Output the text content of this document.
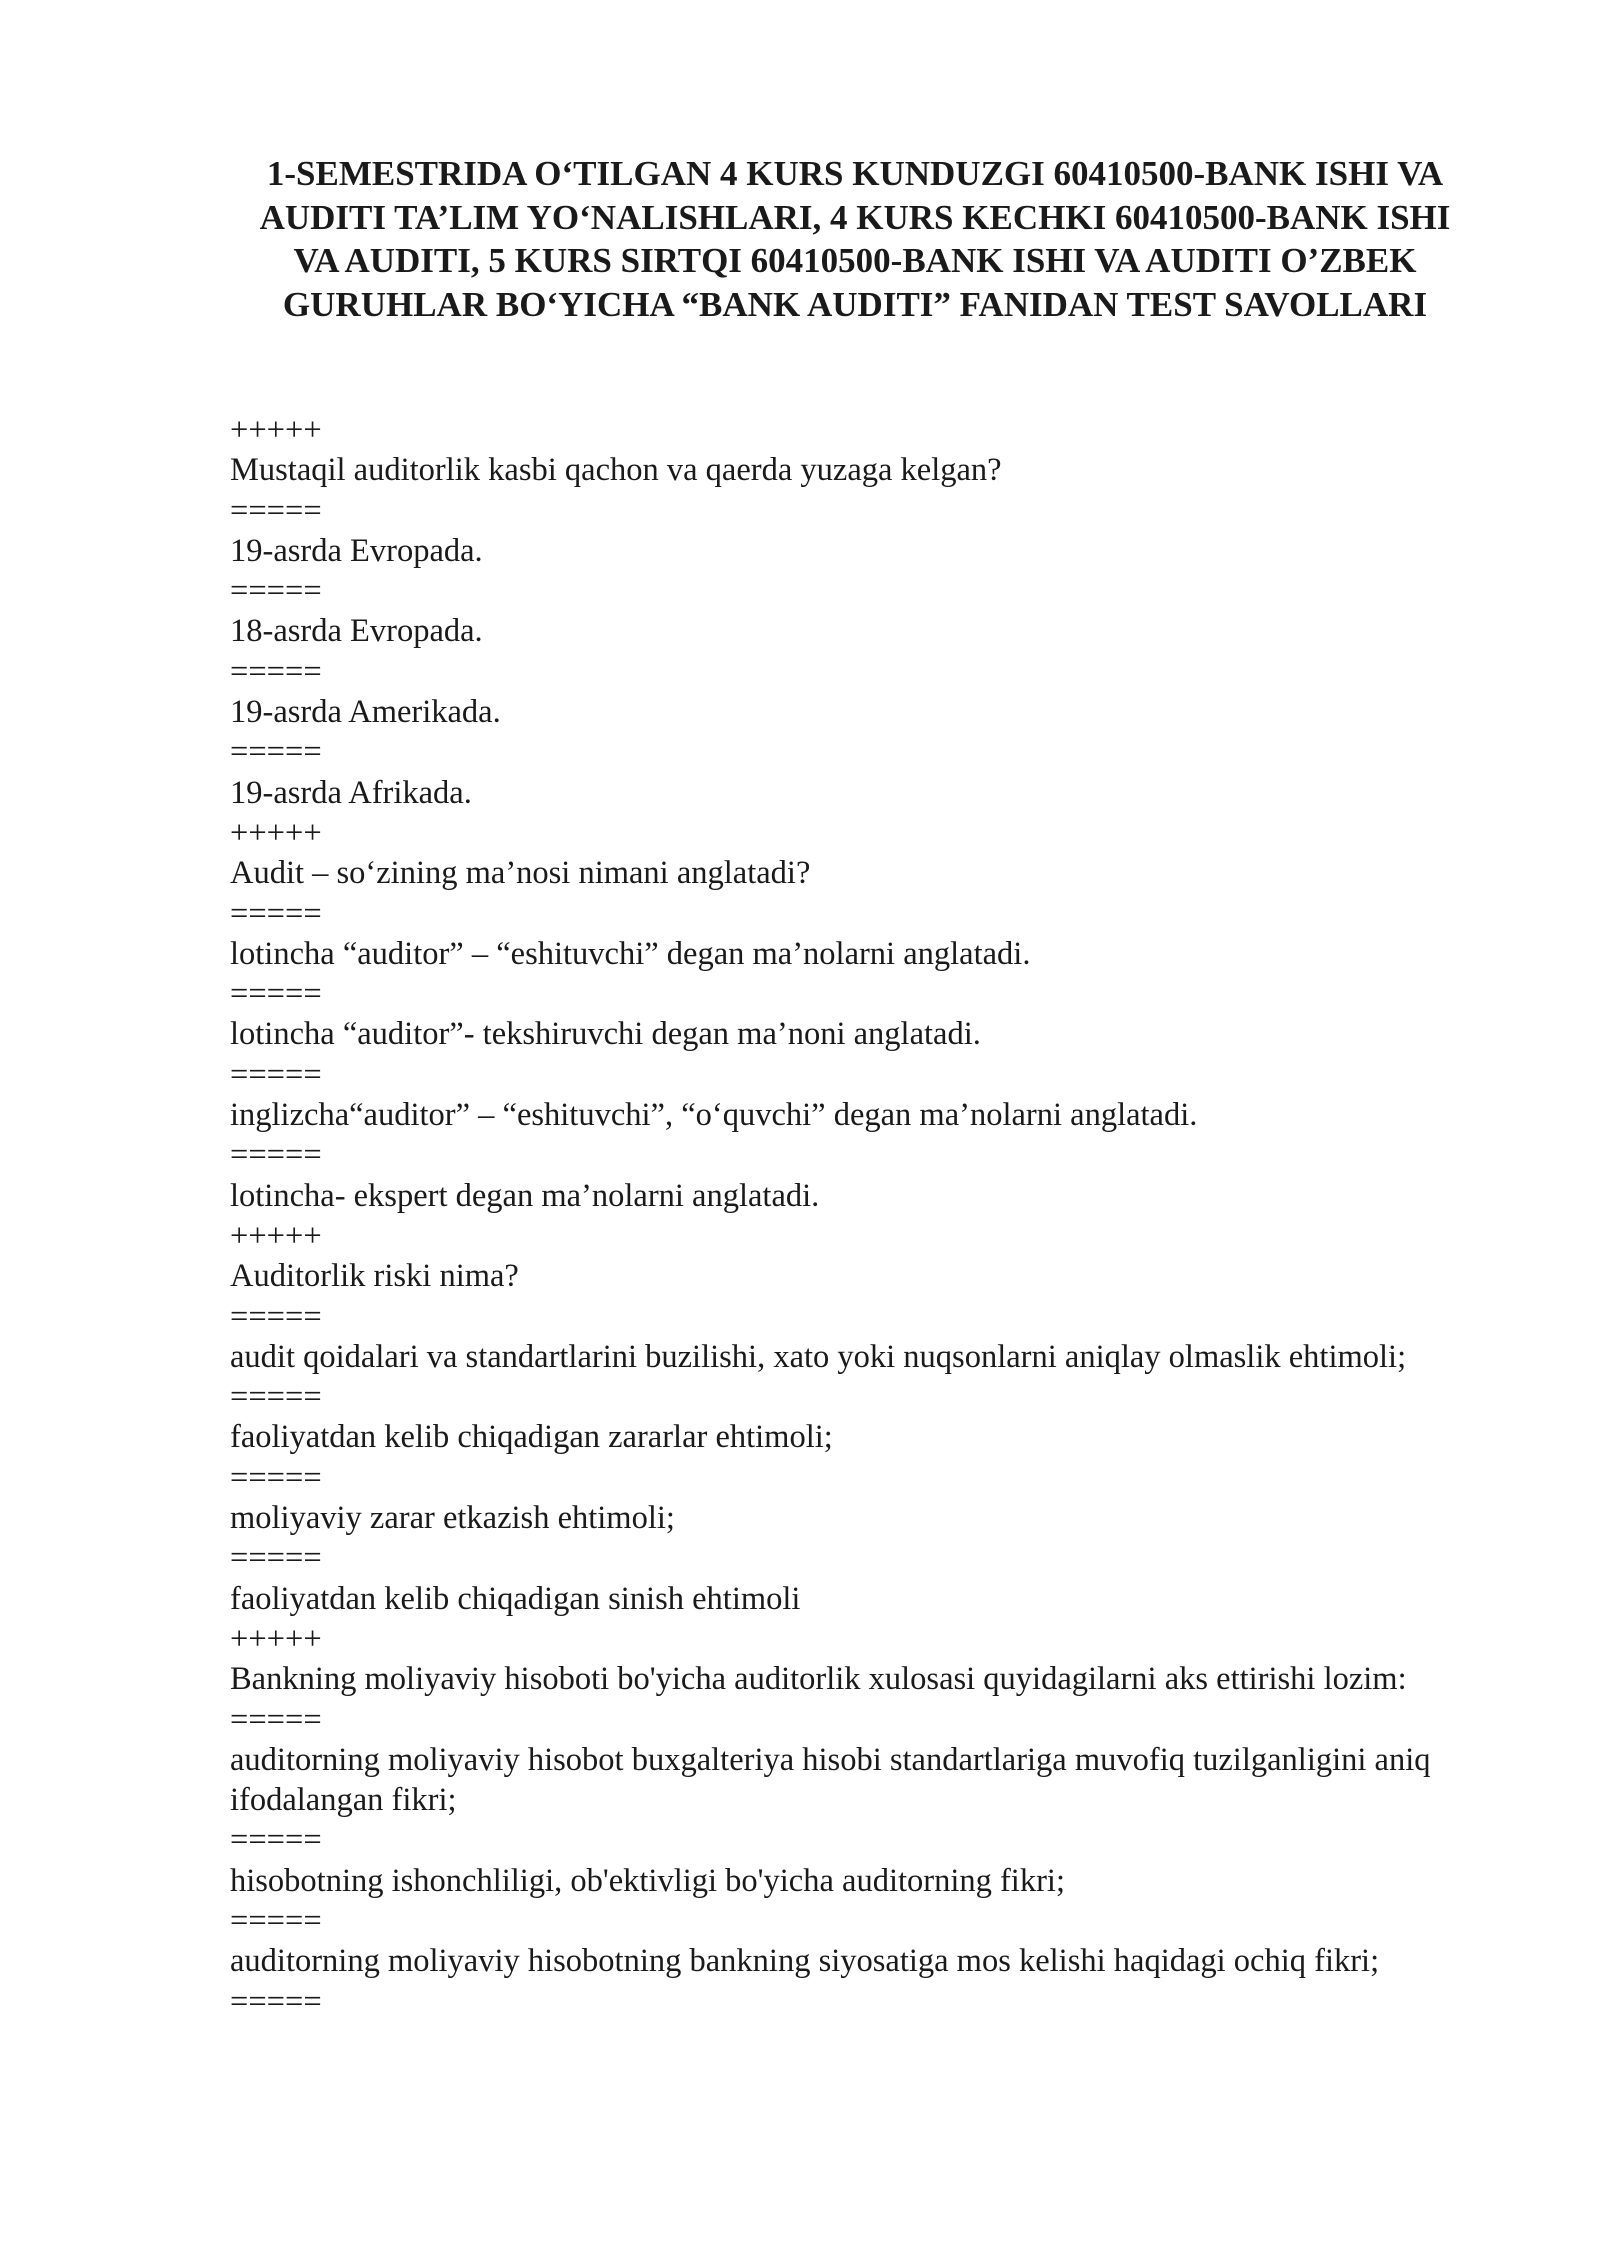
1-SEMESTRIDA O‘TILGAN 4 KURS KUNDUZGI 60410500-BANK ISHI VA AUDITI TA’LIM YO‘NALISHLARI, 4 KURS KECHKI 60410500-BANK ISHI VA AUDITI, 5 KURS SIRTQI 60410500-BANK ISHI VA AUDITI O’ZBEK GURUHLAR BO‘YICHA “BANK AUDITI” FANIDAN TEST SAVOLLARI
+++++
Mustaqil auditorlik kasbi qachon va qaerda yuzaga kelgan?
=====
19-asrda Evropada.
=====
18-asrda Evropada.
=====
19-asrda Amerikada.
=====
19-asrda Afrikada.
+++++
Audit – so‘zining ma’nosi nimani anglatadi?
=====
lotincha “auditor” – “eshituvchi” degan ma’nolarni anglatadi.
=====
lotincha “auditor”- tekshiruvchi degan ma’noni anglatadi.
=====
inglizcha“auditor” – “eshituvchi”, “o‘quvchi” degan ma’nolarni anglatadi.
=====
lotincha- ekspert degan ma’nolarni anglatadi.
+++++
Auditorlik riski nima?
=====
audit qoidalari va standartlarini buzilishi, xato yoki nuqsonlarni aniqlay olmaslik ehtimoli;
=====
faoliyatdan kelib chiqadigan zararlar ehtimoli;
=====
moliyaviy zarar etkazish ehtimoli;
=====
faoliyatdan kelib chiqadigan sinish ehtimoli
+++++
Bankning moliyaviy hisoboti bo'yicha auditorlik xulosasi quyidagilarni aks ettirishi lozim:
=====
auditorning moliyaviy hisobot buxgalteriya hisobi standartlariga muvofiq tuzilganligini aniq ifodalangan fikri;
=====
hisobotning ishonchliligi, ob'ektivligi bo'yicha auditorning fikri;
=====
auditorning moliyaviy hisobotning bankning siyosatiga mos kelishi haqidagi ochiq fikri;
=====
